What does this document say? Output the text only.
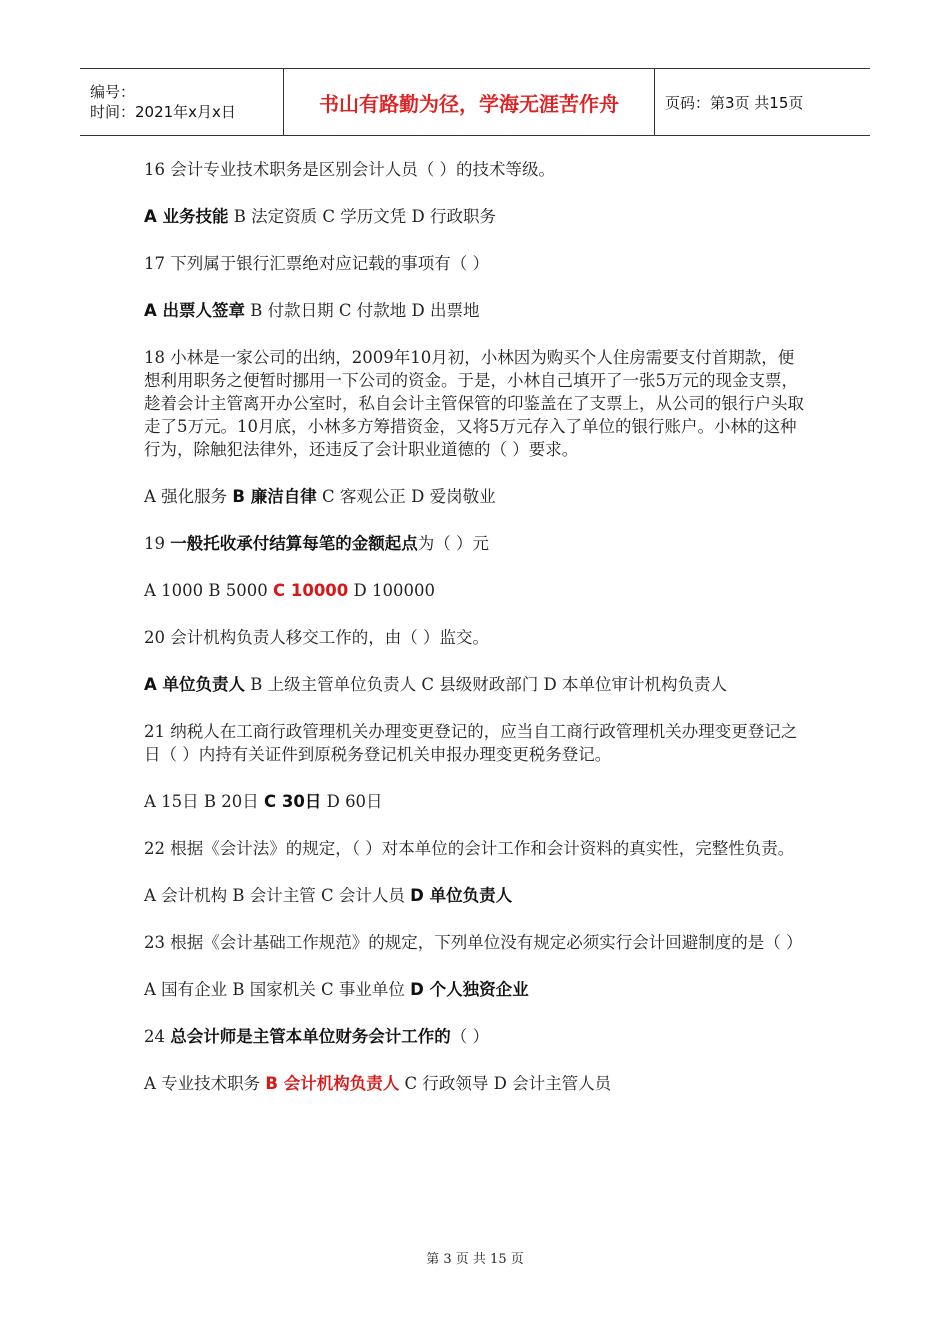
编号：
时间：2021年x月x日	书山有路勤为径，学海无涯苦作舟	页码：第3页 共15页

16 会计专业技术职务是区别会计人员（ ）的技术等级。

A 业务技能 B 法定资质 C 学历文凭 D 行政职务

17 下列属于银行汇票绝对应记载的事项有（ ）

A 出票人签章 B 付款日期 C 付款地 D 出票地

18 小林是一家公司的出纳，2009年10月初，小林因为购买个人住房需要支付首期款，便想利用职务之便暂时挪用一下公司的资金。于是，小林自己填开了一张5万元的现金支票，趁着会计主管离开办公室时，私自会计主管保管的印鉴盖在了支票上，从公司的银行户头取走了5万元。10月底，小林多方筹措资金，又将5万元存入了单位的银行账户。小林的这种行为，除触犯法律外，还违反了会计职业道德的（ ）要求。

A 强化服务 B 廉洁自律 C 客观公正 D 爱岗敬业

19 一般托收承付结算每笔的金额起点为（ ）元

A 1000 B 5000 C 10000 D 100000

20 会计机构负责人移交工作的，由（ ）监交。

A 单位负责人 B 上级主管单位负责人 C 县级财政部门 D 本单位审计机构负责人

21 纳税人在工商行政管理机关办理变更登记的，应当自工商行政管理机关办理变更登记之日（ ）内持有关证件到原税务登记机关申报办理变更税务登记。

A 15日 B 20日 C 30日 D 60日

22 根据《会计法》的规定，（ ）对本单位的会计工作和会计资料的真实性，完整性负责。

A 会计机构 B 会计主管 C 会计人员 D 单位负责人

23 根据《会计基础工作规范》的规定，下列单位没有规定必须实行会计回避制度的是（ ）

A 国有企业 B 国家机关 C 事业单位 D 个人独资企业

24 总会计师是主管本单位财务会计工作的（ ）

A 专业技术职务 B 会计机构负责人 C 行政领导 D 会计主管人员

第 3 页 共 15 页
